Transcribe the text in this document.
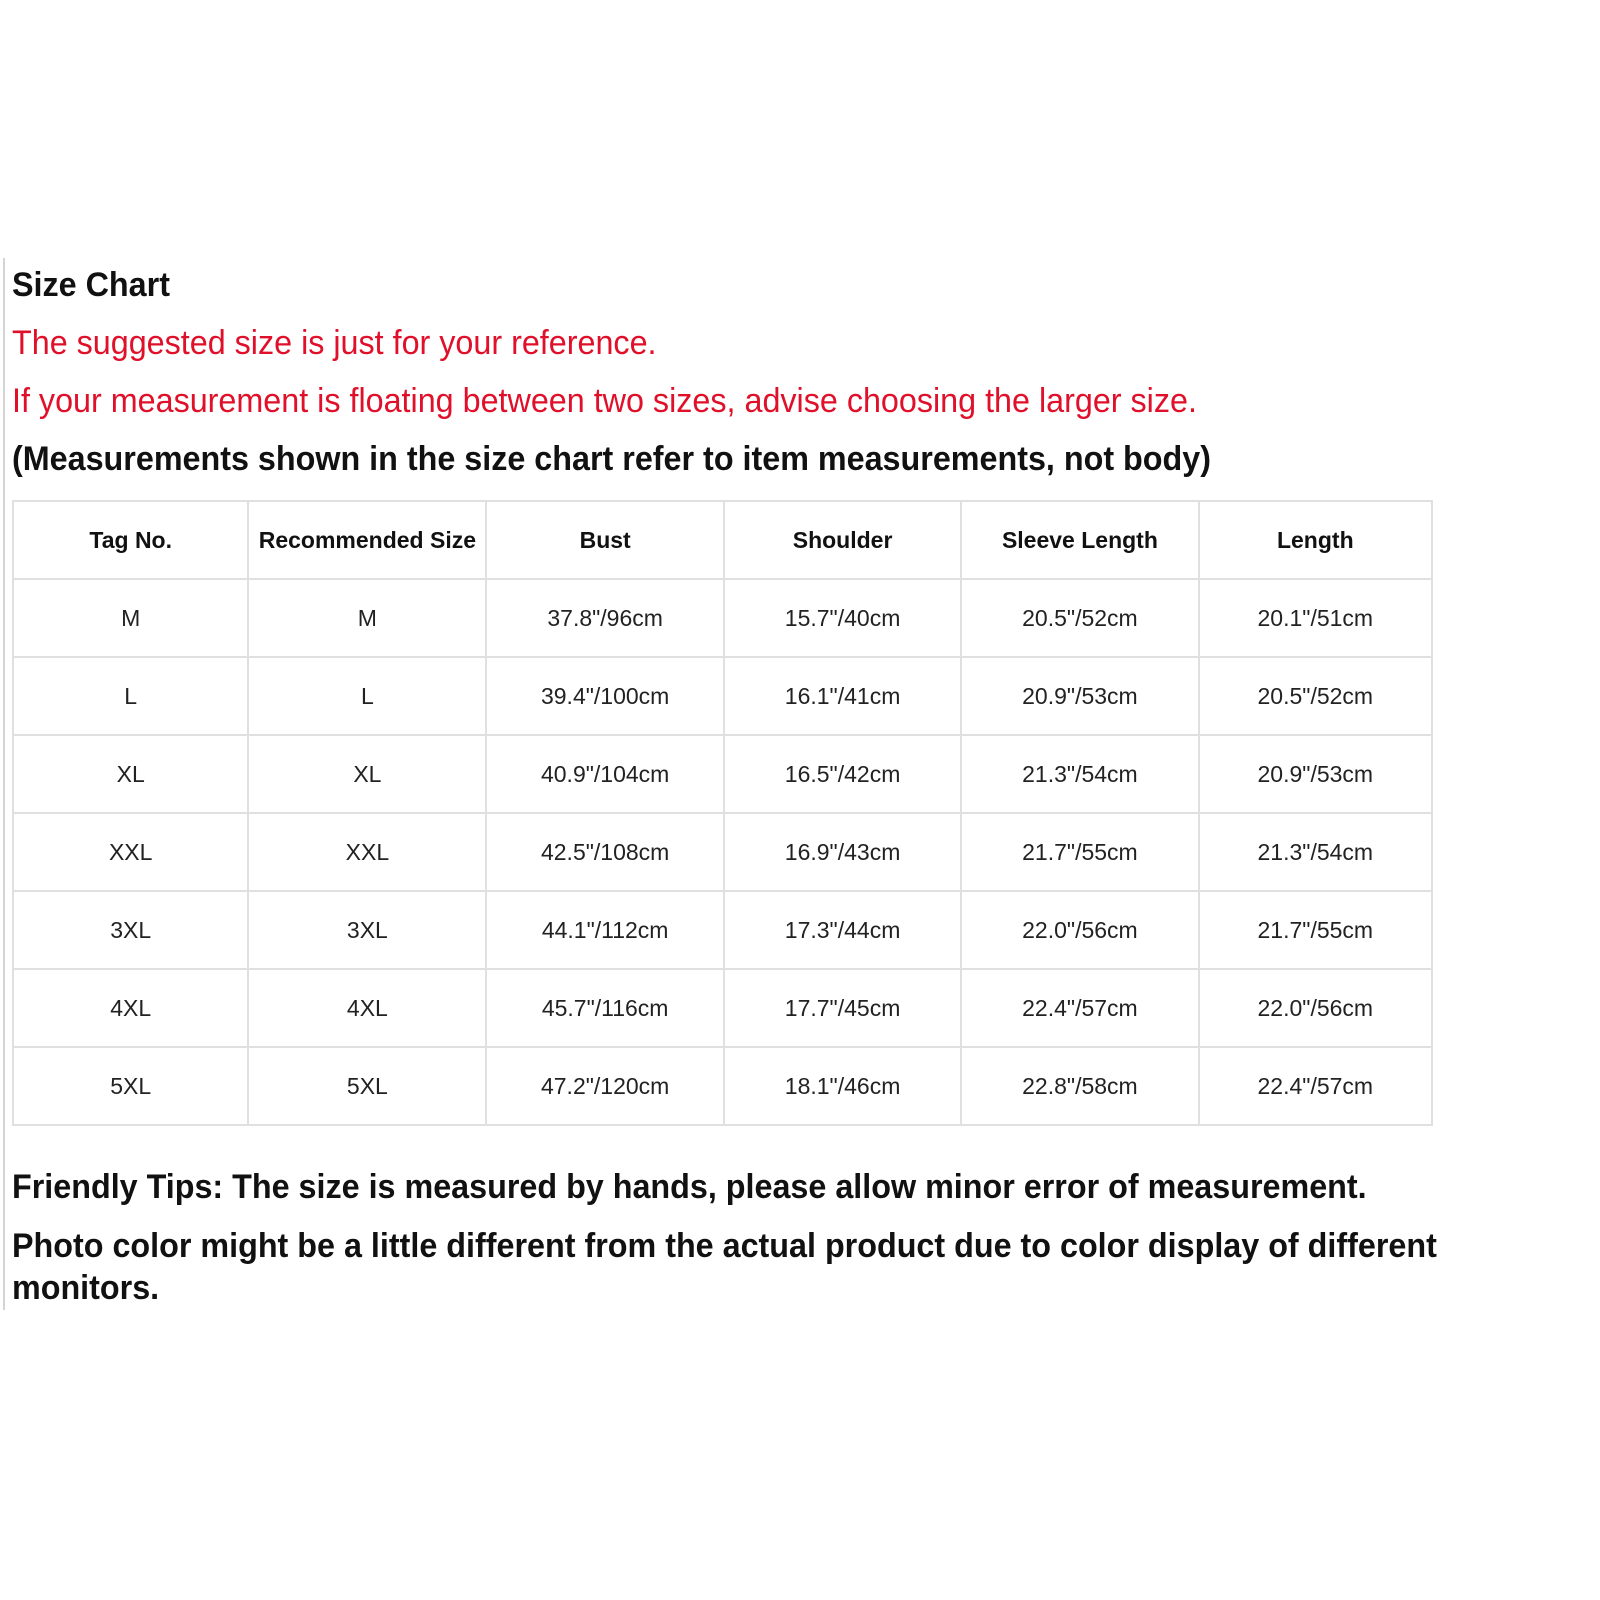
Size Chart
The suggested size is just for your reference.
If your measurement is floating between two sizes, advise choosing the larger size.
(Measurements shown in the size chart refer to item measurements, not body)
Tag No.	Recommended Size	Bust	Shoulder	Sleeve Length	Length
M	M	37.8"/96cm	15.7"/40cm	20.5"/52cm	20.1"/51cm
L	L	39.4"/100cm	16.1"/41cm	20.9"/53cm	20.5"/52cm
XL	XL	40.9"/104cm	16.5"/42cm	21.3"/54cm	20.9"/53cm
XXL	XXL	42.5"/108cm	16.9"/43cm	21.7"/55cm	21.3"/54cm
3XL	3XL	44.1"/112cm	17.3"/44cm	22.0"/56cm	21.7"/55cm
4XL	4XL	45.7"/116cm	17.7"/45cm	22.4"/57cm	22.0"/56cm
5XL	5XL	47.2"/120cm	18.1"/46cm	22.8"/58cm	22.4"/57cm
Friendly Tips: The size is measured by hands, please allow minor error of measurement.
Photo color might be a little different from the actual product due to color display of different monitors.
